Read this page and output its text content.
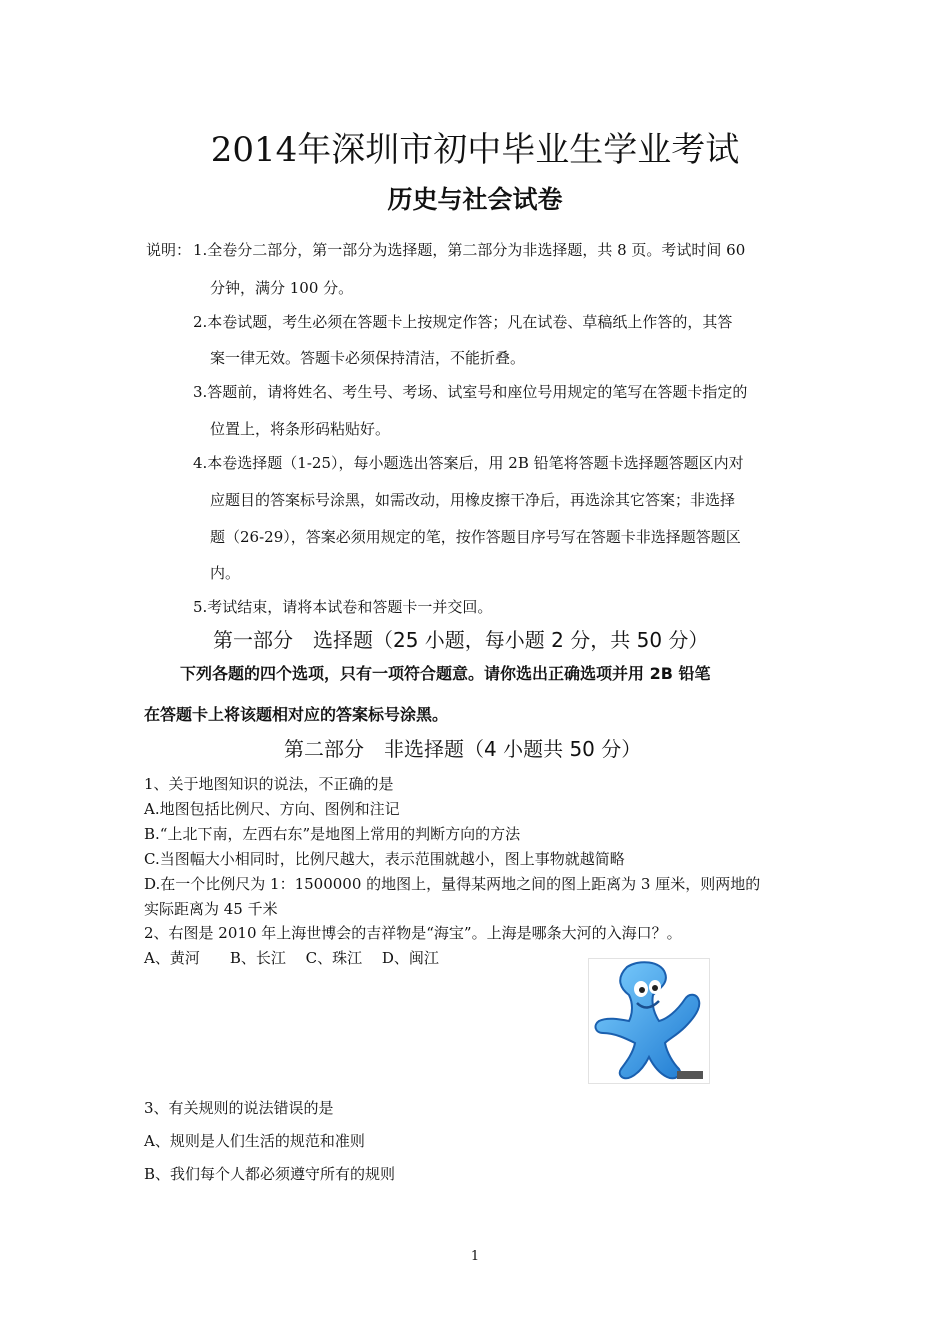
2014年深圳市初中毕业生学业考试
历史与社会试卷
说明： 1.全卷分二部分，第一部分为选择题，第二部分为非选择题，共 8 页。考试时间 60
分钟，满分 100 分。
2.本卷试题，考生必须在答题卡上按规定作答；凡在试卷、草稿纸上作答的，其答
案一律无效。答题卡必须保持清洁，不能折叠。
3.答题前，请将姓名、考生号、考场、试室号和座位号用规定的笔写在答题卡指定的
位置上，将条形码粘贴好。
4.本卷选择题（1-25），每小题选出答案后，用 2B 铅笔将答题卡选择题答题区内对
应题目的答案标号涂黑，如需改动，用橡皮擦干净后，再选涂其它答案；非选择
题（26-29），答案必须用规定的笔，按作答题目序号写在答题卡非选择题答题区
内。
5.考试结束，请将本试卷和答题卡一并交回。
第一部分　选择题（25 小题，每小题 2 分，共 50 分）
下列各题的四个选项，只有一项符合题意。请你选出正确选项并用 2B 铅笔
在答题卡上将该题相对应的答案标号涂黑。
第二部分　非选择题（4 小题共 50 分）
1、关于地图知识的说法，不正确的是
A.地图包括比例尺、方向、图例和注记
B.“上北下南，左西右东”是地图上常用的判断方向的方法
C.当图幅大小相同时，比例尺越大，表示范围就越小，图上事物就越简略
D.在一个比例尺为 1：1500000 的地图上，量得某两地之间的图上距离为 3 厘米，则两地的
实际距离为 45 千米
2、右图是 2010 年上海世博会的吉祥物是“海宝”。上海是哪条大河的入海口？。
A、黄河　　B、长江　 C、珠江　 D、闽江
3、有关规则的说法错误的是
A、规则是人们生活的规范和准则
B、我们每个人都必须遵守所有的规则
1
